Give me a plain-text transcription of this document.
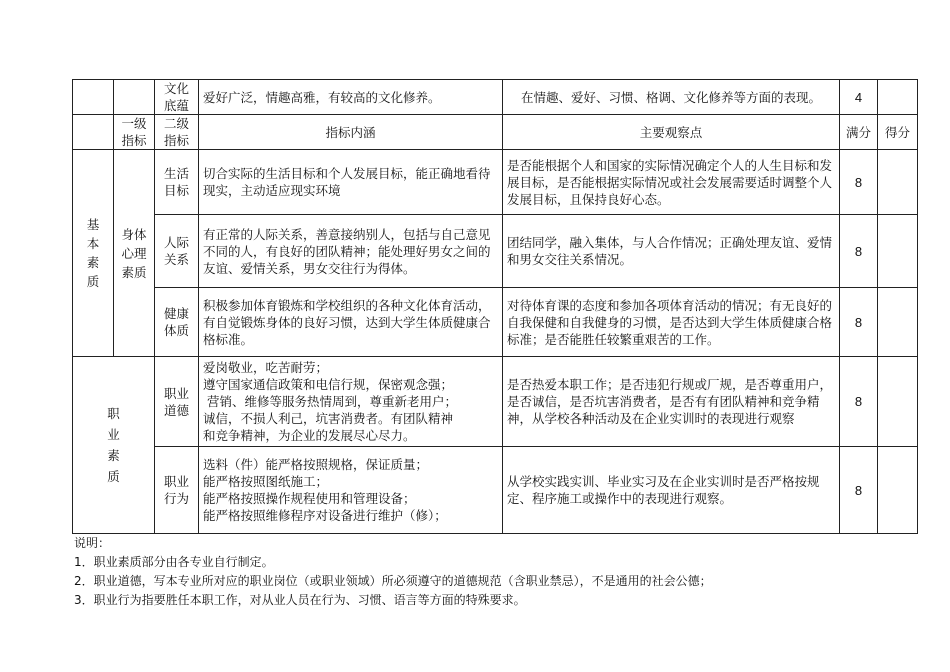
		文化底蕴	爱好广泛，情趣高雅，有较高的文化修养。	在情趣、爱好、习惯、格调、文化修养等方面的表现。	4	
	一级指标	二级指标	指标内涵	主要观察点	满分	得分

基本素质	身体心理素质	生活目标	切合实际的生活目标和个人发展目标，能正确地看待现实，主动适应现实环境	是否能根据个人和国家的实际情况确定个人的人生目标和发展目标，是否能根据实际情况或社会发展需要适时调整个人发展目标，且保持良好心态。	8	
		人际关系	有正常的人际关系，善意接纳别人，包括与自己意见不同的人，有良好的团队精神；能处理好男女之间的友谊、爱情关系，男女交往行为得体。	团结同学，融入集体，与人合作情况；正确处理友谊、爱情和男女交往关系情况。	8	
		健康体质	积极参加体育锻炼和学校组织的各种文化体育活动，有自觉锻炼身体的良好习惯，达到大学生体质健康合格标准。	对待体育课的态度和参加各项体育活动的情况；有无良好的自我保健和自我健身的习惯，是否达到大学生体质健康合格标准；是否能胜任较繁重艰苦的工作。	8	

职业素质		职业道德	爱岗敬业，吃苦耐劳；
遵守国家通信政策和电信行规，保密观念强；
营销、维修等服务热情周到，尊重新老用户；
诚信，不损人利己，坑害消费者。有团队精神
和竞争精神，为企业的发展尽心尽力。	是否热爱本职工作；是否违犯行规或厂规，是否尊重用户，是否诚信，是否坑害消费者，是否有有团队精神和竞争精神，从学校各种活动及在企业实训时的表现进行观察	8	
		职业行为	选料（件）能严格按照规格，保证质量；
能严格按照图纸施工；
能严格按照操作规程使用和管理设备；
能严格按照维修程序对设备进行维护（修）；	从学校实践实训、毕业实习及在企业实训时是否严格按规定、程序施工或操作中的表现进行观察。	8	
说明：
1．职业素质部分由各专业自行制定。
2．职业道德，写本专业所对应的职业岗位（或职业领域）所必须遵守的道德规范（含职业禁忌），不是通用的社会公德；
3．职业行为指要胜任本职工作，对从业人员在行为、习惯、语言等方面的特殊要求。
